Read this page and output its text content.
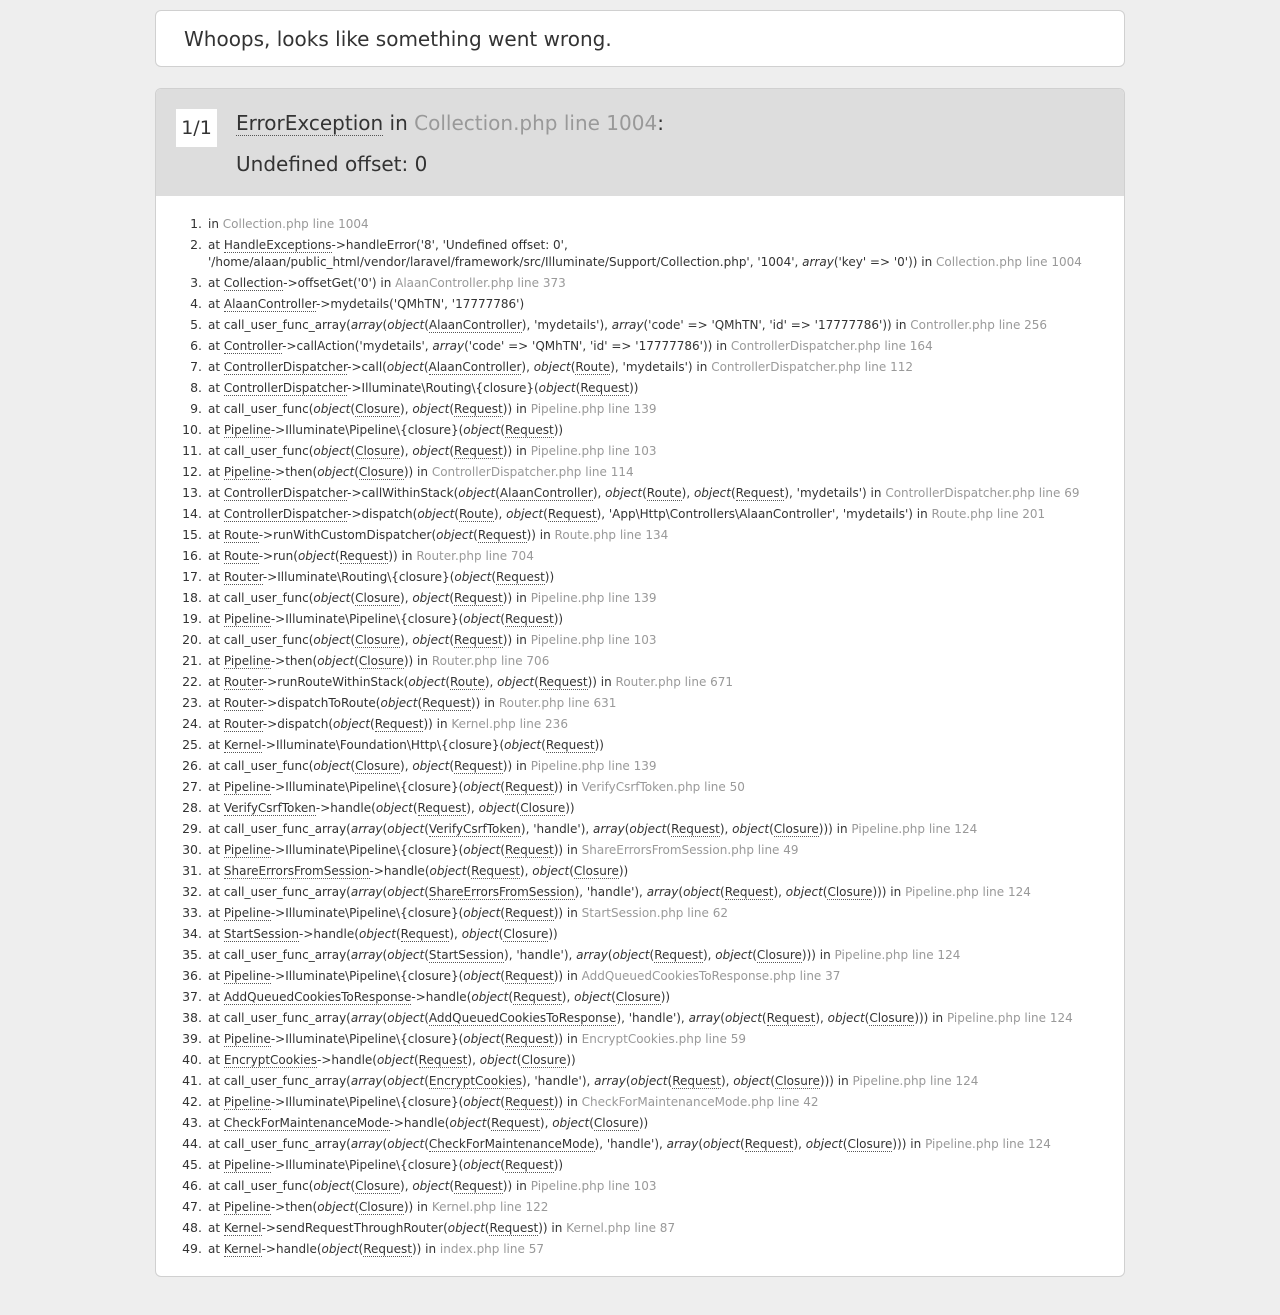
Whoops, looks like something went wrong.
1/1 ErrorException in Collection.php line 1004:
Undefined offset: 0
1. in Collection.php line 1004
2. at HandleExceptions->handleError('8', 'Undefined offset: 0', '/home/alaan/public_html/vendor/laravel/framework/src/Illuminate/Support/Collection.php', '1004', array('key' => '0')) in Collection.php line 1004
3. at Collection->offsetGet('0') in AlaanController.php line 373
4. at AlaanController->mydetails('QMhTN', '17777786')
5. at call_user_func_array(array(object(AlaanController), 'mydetails'), array('code' => 'QMhTN', 'id' => '17777786')) in Controller.php line 256
6. at Controller->callAction('mydetails', array('code' => 'QMhTN', 'id' => '17777786')) in ControllerDispatcher.php line 164
7. at ControllerDispatcher->call(object(AlaanController), object(Route), 'mydetails') in ControllerDispatcher.php line 112
8. at ControllerDispatcher->Illuminate\Routing\{closure}(object(Request))
9. at call_user_func(object(Closure), object(Request)) in Pipeline.php line 139
10. at Pipeline->Illuminate\Pipeline\{closure}(object(Request))
11. at call_user_func(object(Closure), object(Request)) in Pipeline.php line 103
12. at Pipeline->then(object(Closure)) in ControllerDispatcher.php line 114
13. at ControllerDispatcher->callWithinStack(object(AlaanController), object(Route), object(Request), 'mydetails') in ControllerDispatcher.php line 69
14. at ControllerDispatcher->dispatch(object(Route), object(Request), 'App\Http\Controllers\AlaanController', 'mydetails') in Route.php line 201
15. at Route->runWithCustomDispatcher(object(Request)) in Route.php line 134
16. at Route->run(object(Request)) in Router.php line 704
17. at Router->Illuminate\Routing\{closure}(object(Request))
18. at call_user_func(object(Closure), object(Request)) in Pipeline.php line 139
19. at Pipeline->Illuminate\Pipeline\{closure}(object(Request))
20. at call_user_func(object(Closure), object(Request)) in Pipeline.php line 103
21. at Pipeline->then(object(Closure)) in Router.php line 706
22. at Router->runRouteWithinStack(object(Route), object(Request)) in Router.php line 671
23. at Router->dispatchToRoute(object(Request)) in Router.php line 631
24. at Router->dispatch(object(Request)) in Kernel.php line 236
25. at Kernel->Illuminate\Foundation\Http\{closure}(object(Request))
26. at call_user_func(object(Closure), object(Request)) in Pipeline.php line 139
27. at Pipeline->Illuminate\Pipeline\{closure}(object(Request)) in VerifyCsrfToken.php line 50
28. at VerifyCsrfToken->handle(object(Request), object(Closure))
29. at call_user_func_array(array(object(VerifyCsrfToken), 'handle'), array(object(Request), object(Closure))) in Pipeline.php line 124
30. at Pipeline->Illuminate\Pipeline\{closure}(object(Request)) in ShareErrorsFromSession.php line 49
31. at ShareErrorsFromSession->handle(object(Request), object(Closure))
32. at call_user_func_array(array(object(ShareErrorsFromSession), 'handle'), array(object(Request), object(Closure))) in Pipeline.php line 124
33. at Pipeline->Illuminate\Pipeline\{closure}(object(Request)) in StartSession.php line 62
34. at StartSession->handle(object(Request), object(Closure))
35. at call_user_func_array(array(object(StartSession), 'handle'), array(object(Request), object(Closure))) in Pipeline.php line 124
36. at Pipeline->Illuminate\Pipeline\{closure}(object(Request)) in AddQueuedCookiesToResponse.php line 37
37. at AddQueuedCookiesToResponse->handle(object(Request), object(Closure))
38. at call_user_func_array(array(object(AddQueuedCookiesToResponse), 'handle'), array(object(Request), object(Closure))) in Pipeline.php line 124
39. at Pipeline->Illuminate\Pipeline\{closure}(object(Request)) in EncryptCookies.php line 59
40. at EncryptCookies->handle(object(Request), object(Closure))
41. at call_user_func_array(array(object(EncryptCookies), 'handle'), array(object(Request), object(Closure))) in Pipeline.php line 124
42. at Pipeline->Illuminate\Pipeline\{closure}(object(Request)) in CheckForMaintenanceMode.php line 42
43. at CheckForMaintenanceMode->handle(object(Request), object(Closure))
44. at call_user_func_array(array(object(CheckForMaintenanceMode), 'handle'), array(object(Request), object(Closure))) in Pipeline.php line 124
45. at Pipeline->Illuminate\Pipeline\{closure}(object(Request))
46. at call_user_func(object(Closure), object(Request)) in Pipeline.php line 103
47. at Pipeline->then(object(Closure)) in Kernel.php line 122
48. at Kernel->sendRequestThroughRouter(object(Request)) in Kernel.php line 87
49. at Kernel->handle(object(Request)) in index.php line 57
